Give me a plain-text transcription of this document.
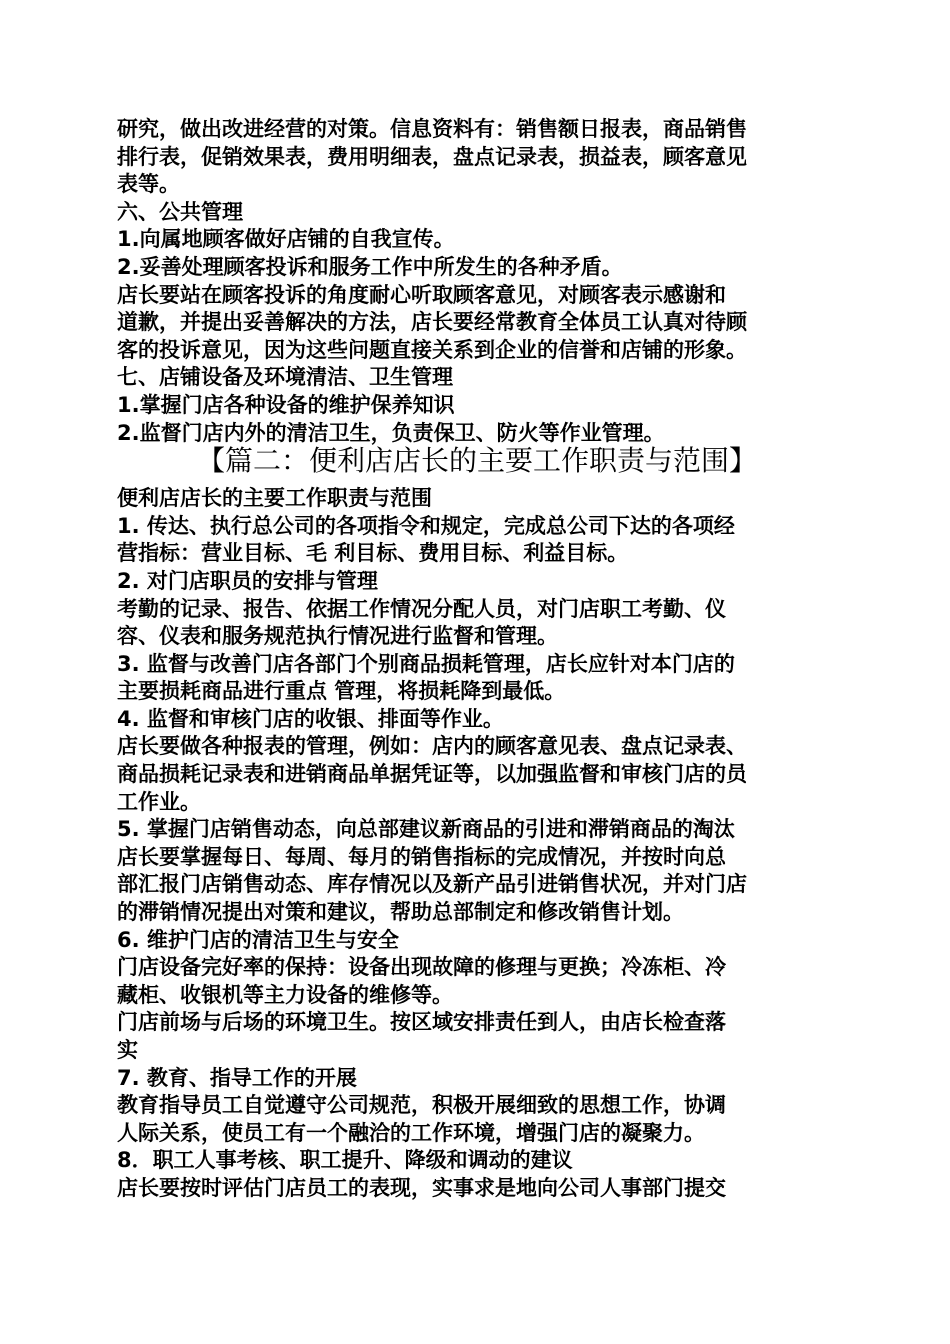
研究，做出改进经营的对策。信息资料有：销售额日报表，商品销售
排行表，促销效果表，费用明细表，盘点记录表，损益表，顾客意见
表等。
六、公共管理
1.向属地顾客做好店铺的自我宣传。
2.妥善处理顾客投诉和服务工作中所发生的各种矛盾。
店长要站在顾客投诉的角度耐心听取顾客意见，对顾客表示感谢和
道歉，并提出妥善解决的方法，店长要经常教育全体员工认真对待顾
客的投诉意见，因为这些问题直接关系到企业的信誉和店铺的形象。
七、店铺设备及环境清洁、卫生管理
1.掌握门店各种设备的维护保养知识
2.监督门店内外的清洁卫生，负责保卫、防火等作业管理。
【篇二：便利店店长的主要工作职责与范围】
便利店店长的主要工作职责与范围
1. 传达、执行总公司的各项指令和规定，完成总公司下达的各项经
营指标：营业目标、毛 利目标、费用目标、利益目标。
2. 对门店职员的安排与管理
考勤的记录、报告、依据工作情况分配人员，对门店职工考勤、仪
容、仪表和服务规范执行情况进行监督和管理。
3. 监督与改善门店各部门个别商品损耗管理，店长应针对本门店的
主要损耗商品进行重点 管理，将损耗降到最低。
4. 监督和审核门店的收银、排面等作业。
店长要做各种报表的管理，例如：店内的顾客意见表、盘点记录表、
商品损耗记录表和进销商品单据凭证等，以加强监督和审核门店的员
工作业。
5. 掌握门店销售动态，向总部建议新商品的引进和滞销商品的淘汰
店长要掌握每日、每周、每月的销售指标的完成情况，并按时向总
部汇报门店销售动态、库存情况以及新产品引进销售状况，并对门店
的滞销情况提出对策和建议，帮助总部制定和修改销售计划。
6. 维护门店的清洁卫生与安全
门店设备完好率的保持：设备出现故障的修理与更换；冷冻柜、冷
藏柜、收银机等主力设备的维修等。
门店前场与后场的环境卫生。按区域安排责任到人，由店长检查落
实
7. 教育、指导工作的开展
教育指导员工自觉遵守公司规范，积极开展细致的思想工作，协调
人际关系，使员工有一个融洽的工作环境，增强门店的凝聚力。
8．职工人事考核、职工提升、降级和调动的建议
店长要按时评估门店员工的表现，实事求是地向公司人事部门提交
